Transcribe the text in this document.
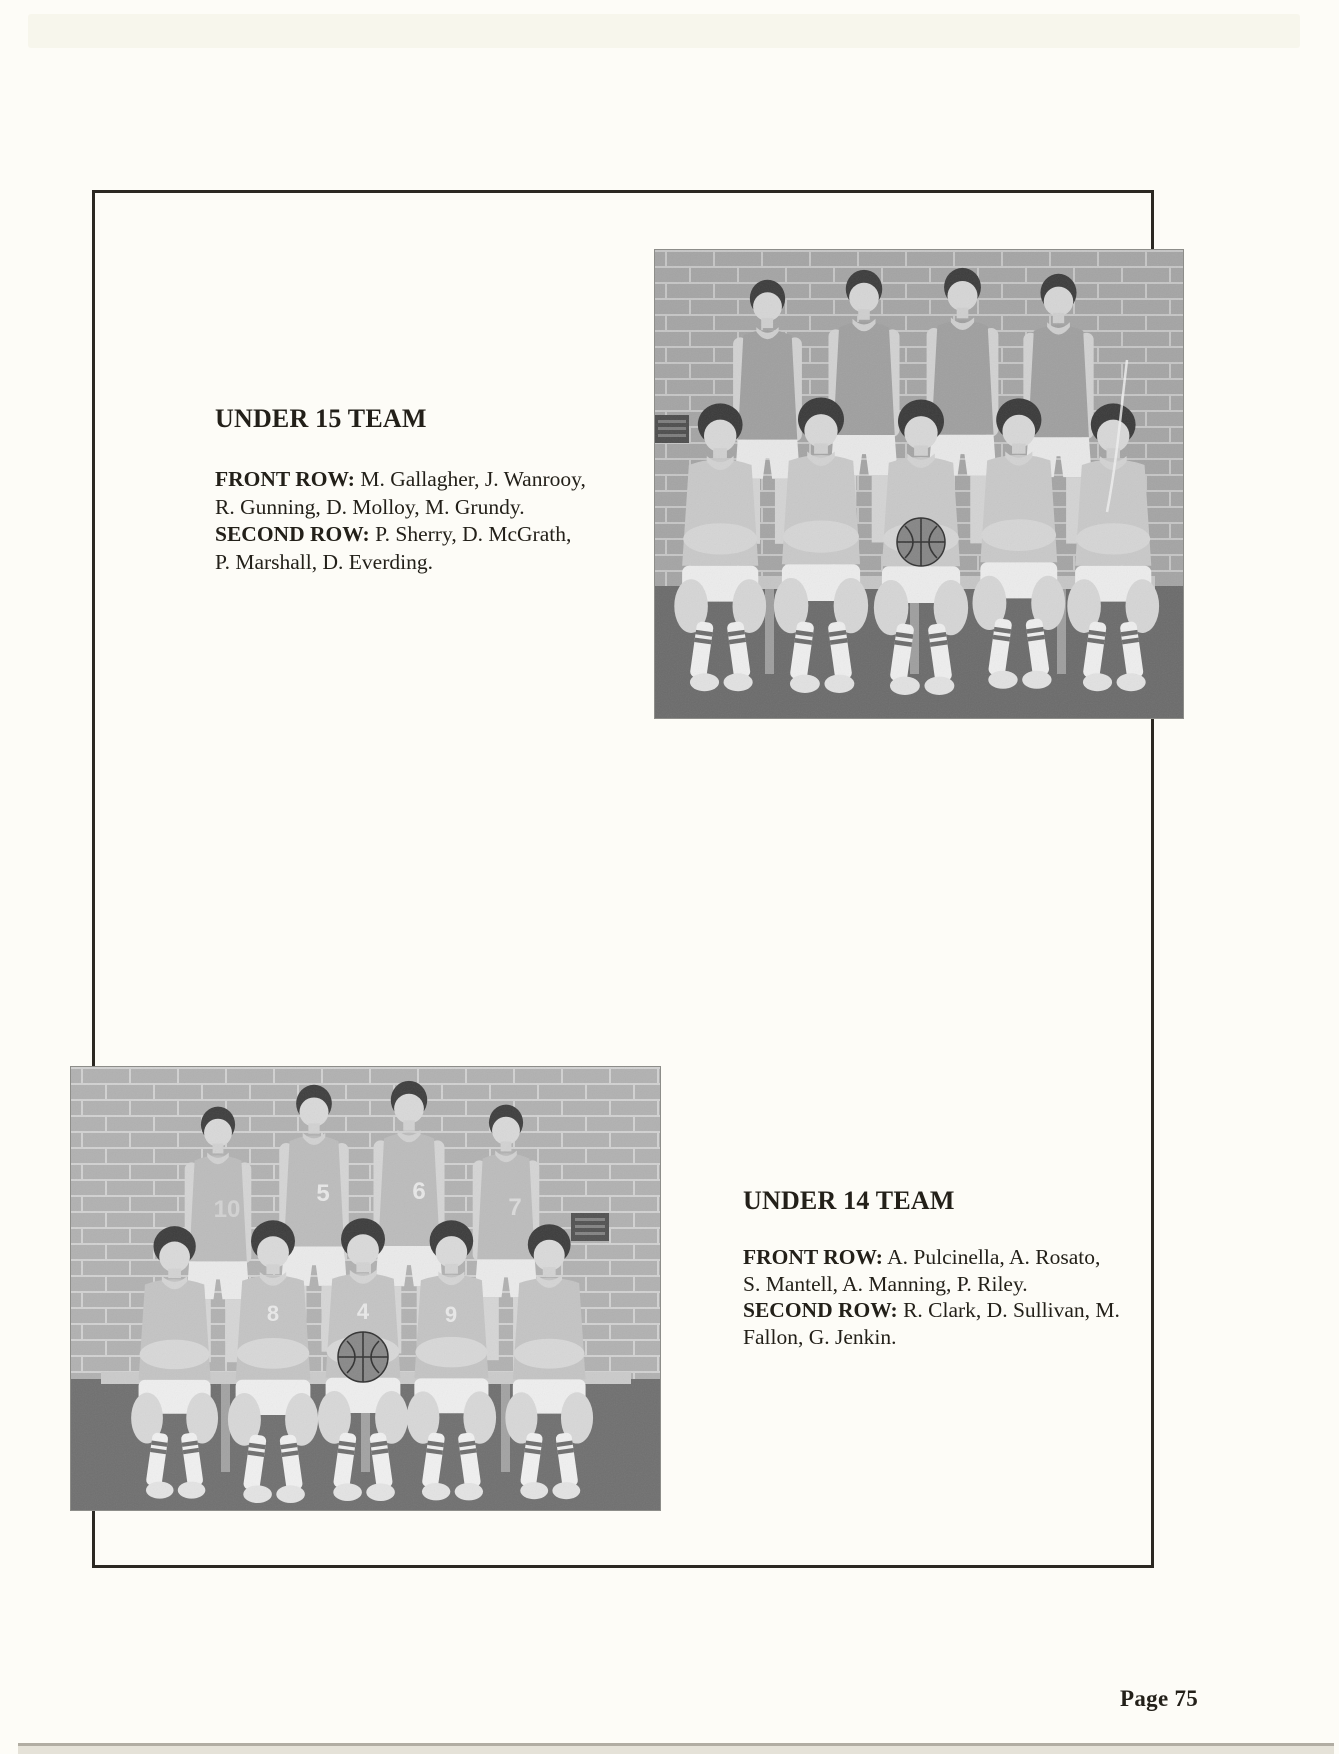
UNDER 15 TEAM
FRONT ROW: M. Gallagher, J. Wanrooy,
R. Gunning, D. Molloy, M. Grundy.
SECOND ROW: P. Sherry, D. McGrath,
P. Marshall, D. Everding.
10
5	6
7
8	4	9
UNDER 14 TEAM
FRONT ROW: A. Pulcinella, A. Rosato,
S. Mantell, A. Manning, P. Riley.
SECOND ROW: R. Clark, D. Sullivan, M.
Fallon, G. Jenkin.
Page 75
